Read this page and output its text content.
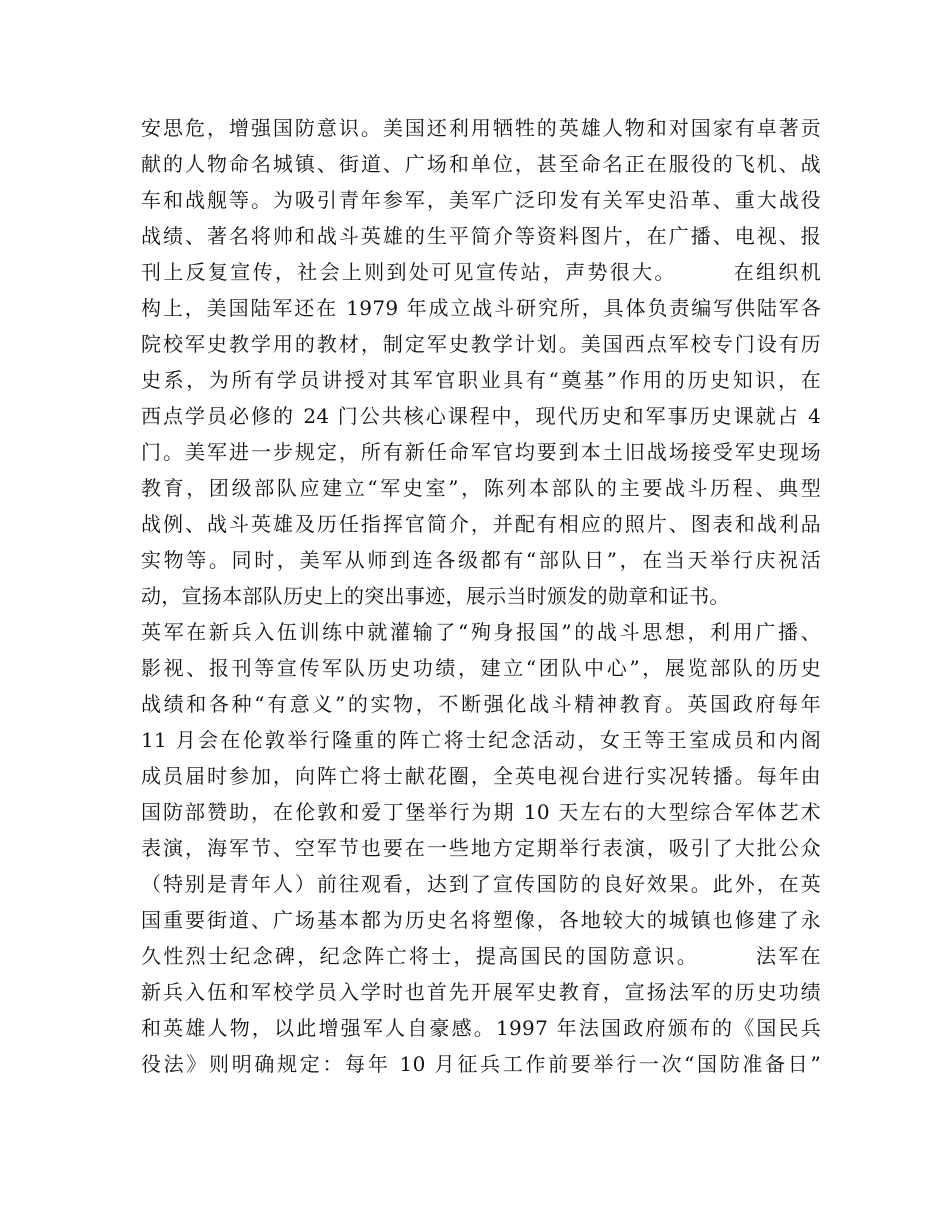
安思危，增强国防意识。美国还利用牺牲的英雄人物和对国家有卓著贡
献的人物命名城镇、街道、广场和单位，甚至命名正在服役的飞机、战
车和战舰等。为吸引青年参军，美军广泛印发有关军史沿革、重大战役
战绩、著名将帅和战斗英雄的生平简介等资料图片，在广播、电视、报
刊上反复宣传，社会上则到处可见宣传站，声势很大。　　　在组织机
构上，美国陆军还在 1979 年成立战斗研究所，具体负责编写供陆军各
院校军史教学用的教材，制定军史教学计划。美国西点军校专门设有历
史系，为所有学员讲授对其军官职业具有“奠基”作用的历史知识，在
西点学员必修的 24 门公共核心课程中，现代历史和军事历史课就占 4
门。美军进一步规定，所有新任命军官均要到本土旧战场接受军史现场
教育，团级部队应建立“军史室”，陈列本部队的主要战斗历程、典型
战例、战斗英雄及历任指挥官简介，并配有相应的照片、图表和战利品
实物等。同时，美军从师到连各级都有“部队日”，在当天举行庆祝活
动，宣扬本部队历史上的突出事迹，展示当时颁发的勋章和证书。
英军在新兵入伍训练中就灌输了“殉身报国”的战斗思想，利用广播、
影视、报刊等宣传军队历史功绩，建立“团队中心”，展览部队的历史
战绩和各种“有意义”的实物，不断强化战斗精神教育。英国政府每年
11 月会在伦敦举行隆重的阵亡将士纪念活动，女王等王室成员和内阁
成员届时参加，向阵亡将士献花圈，全英电视台进行实况转播。每年由
国防部赞助，在伦敦和爱丁堡举行为期 10 天左右的大型综合军体艺术
表演，海军节、空军节也要在一些地方定期举行表演，吸引了大批公众
（特别是青年人）前往观看，达到了宣传国防的良好效果。此外，在英
国重要街道、广场基本都为历史名将塑像，各地较大的城镇也修建了永
久性烈士纪念碑，纪念阵亡将士，提高国民的国防意识。　　　法军在
新兵入伍和军校学员入学时也首先开展军史教育，宣扬法军的历史功绩
和英雄人物，以此增强军人自豪感。1997 年法国政府颁布的《国民兵
役法》则明确规定：每年 10 月征兵工作前要举行一次“国防准备日”
